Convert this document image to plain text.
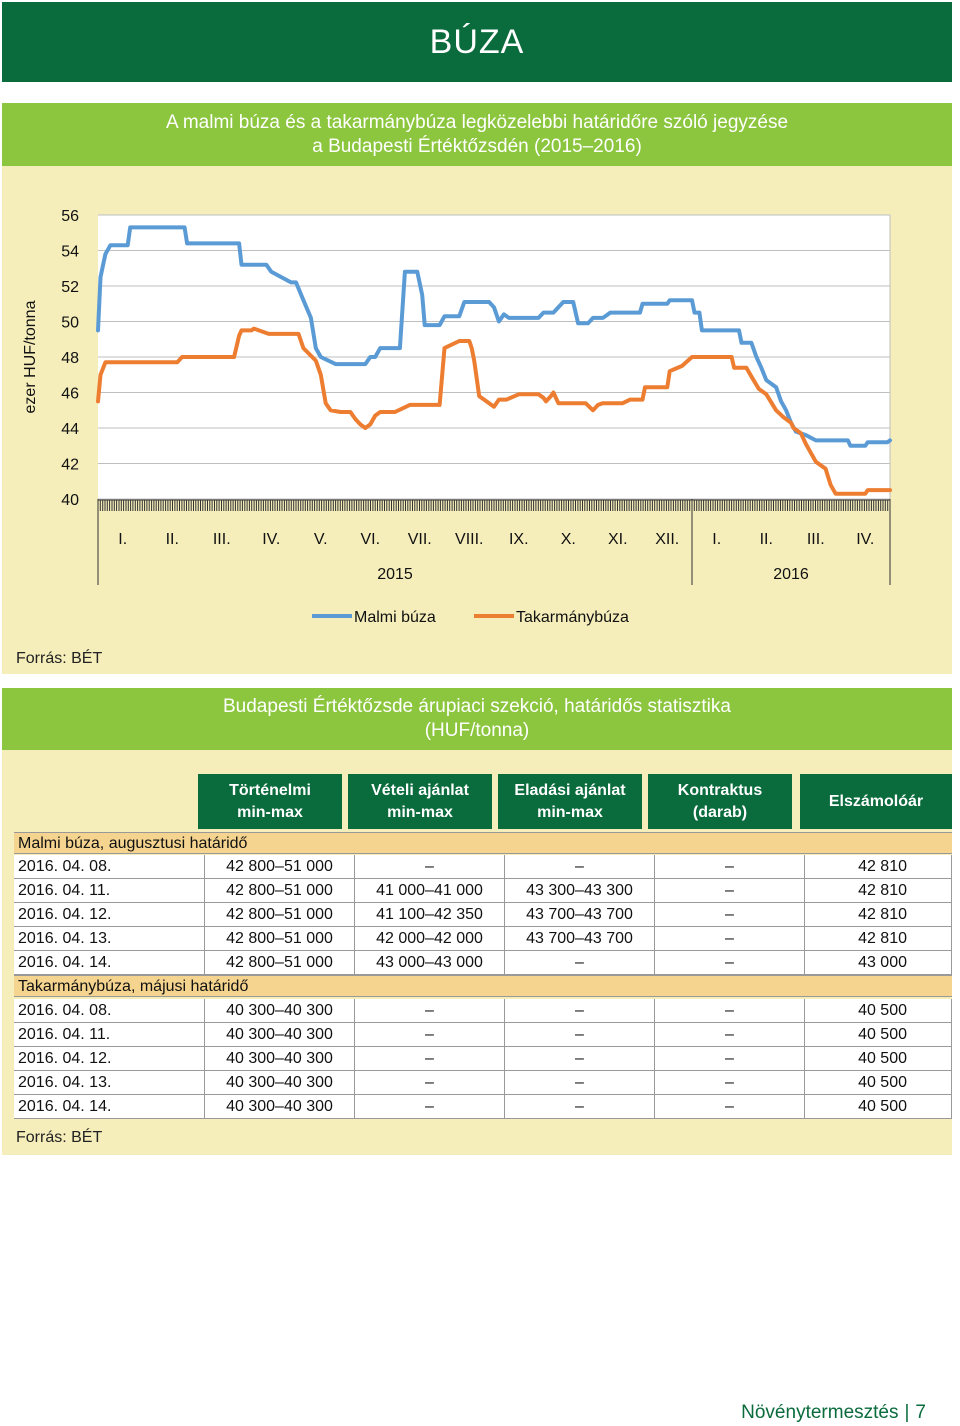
BÚZA
40
42
44
46
48
50
52
54
56
ezer HUF/tonna
I. II. III. IV. V. VI. VII. VIII. IX. X. XI. XII. I. II. III. IV.
2015	2016
Malmi búza	Takarmánybúza
A malmi búza és a takarmánybúza legközelebbi határidőre szóló jegyzése
a Budapesti Értéktőzsdén (2015–2016)
Forrás: BÉT
Budapesti Értéktőzsde árupiaci szekció, határidős statisztika
(HUF/tonna)
Történelmi
min-max
Vételi ajánlat
min-max
Eladási ajánlat
min-max
Kontraktus
(darab)
Elszámolóár
Malmi búza, augusztusi határidő
2016. 04. 08.	42 800–51 000	–	–	–	42 810
2016. 04. 11.	42 800–51 000	41 000–41 000	43 300–43 300	–	42 810
2016. 04. 12.	42 800–51 000	41 100–42 350	43 700–43 700	–	42 810
2016. 04. 13.	42 800–51 000	42 000–42 000	43 700–43 700	–	42 810
2016. 04. 14.	42 800–51 000	43 000–43 000	–	–	43 000
Takarmánybúza, májusi határidő
2016. 04. 08.	40 300–40 300	–	–	–	40 500
2016. 04. 11.	40 300–40 300	–	–	–	40 500
2016. 04. 12.	40 300–40 300	–	–	–	40 500
2016. 04. 13.	40 300–40 300	–	–	–	40 500
2016. 04. 14.	40 300–40 300	–	–	–	40 500
Forrás: BÉT
Növénytermesztés | 7
